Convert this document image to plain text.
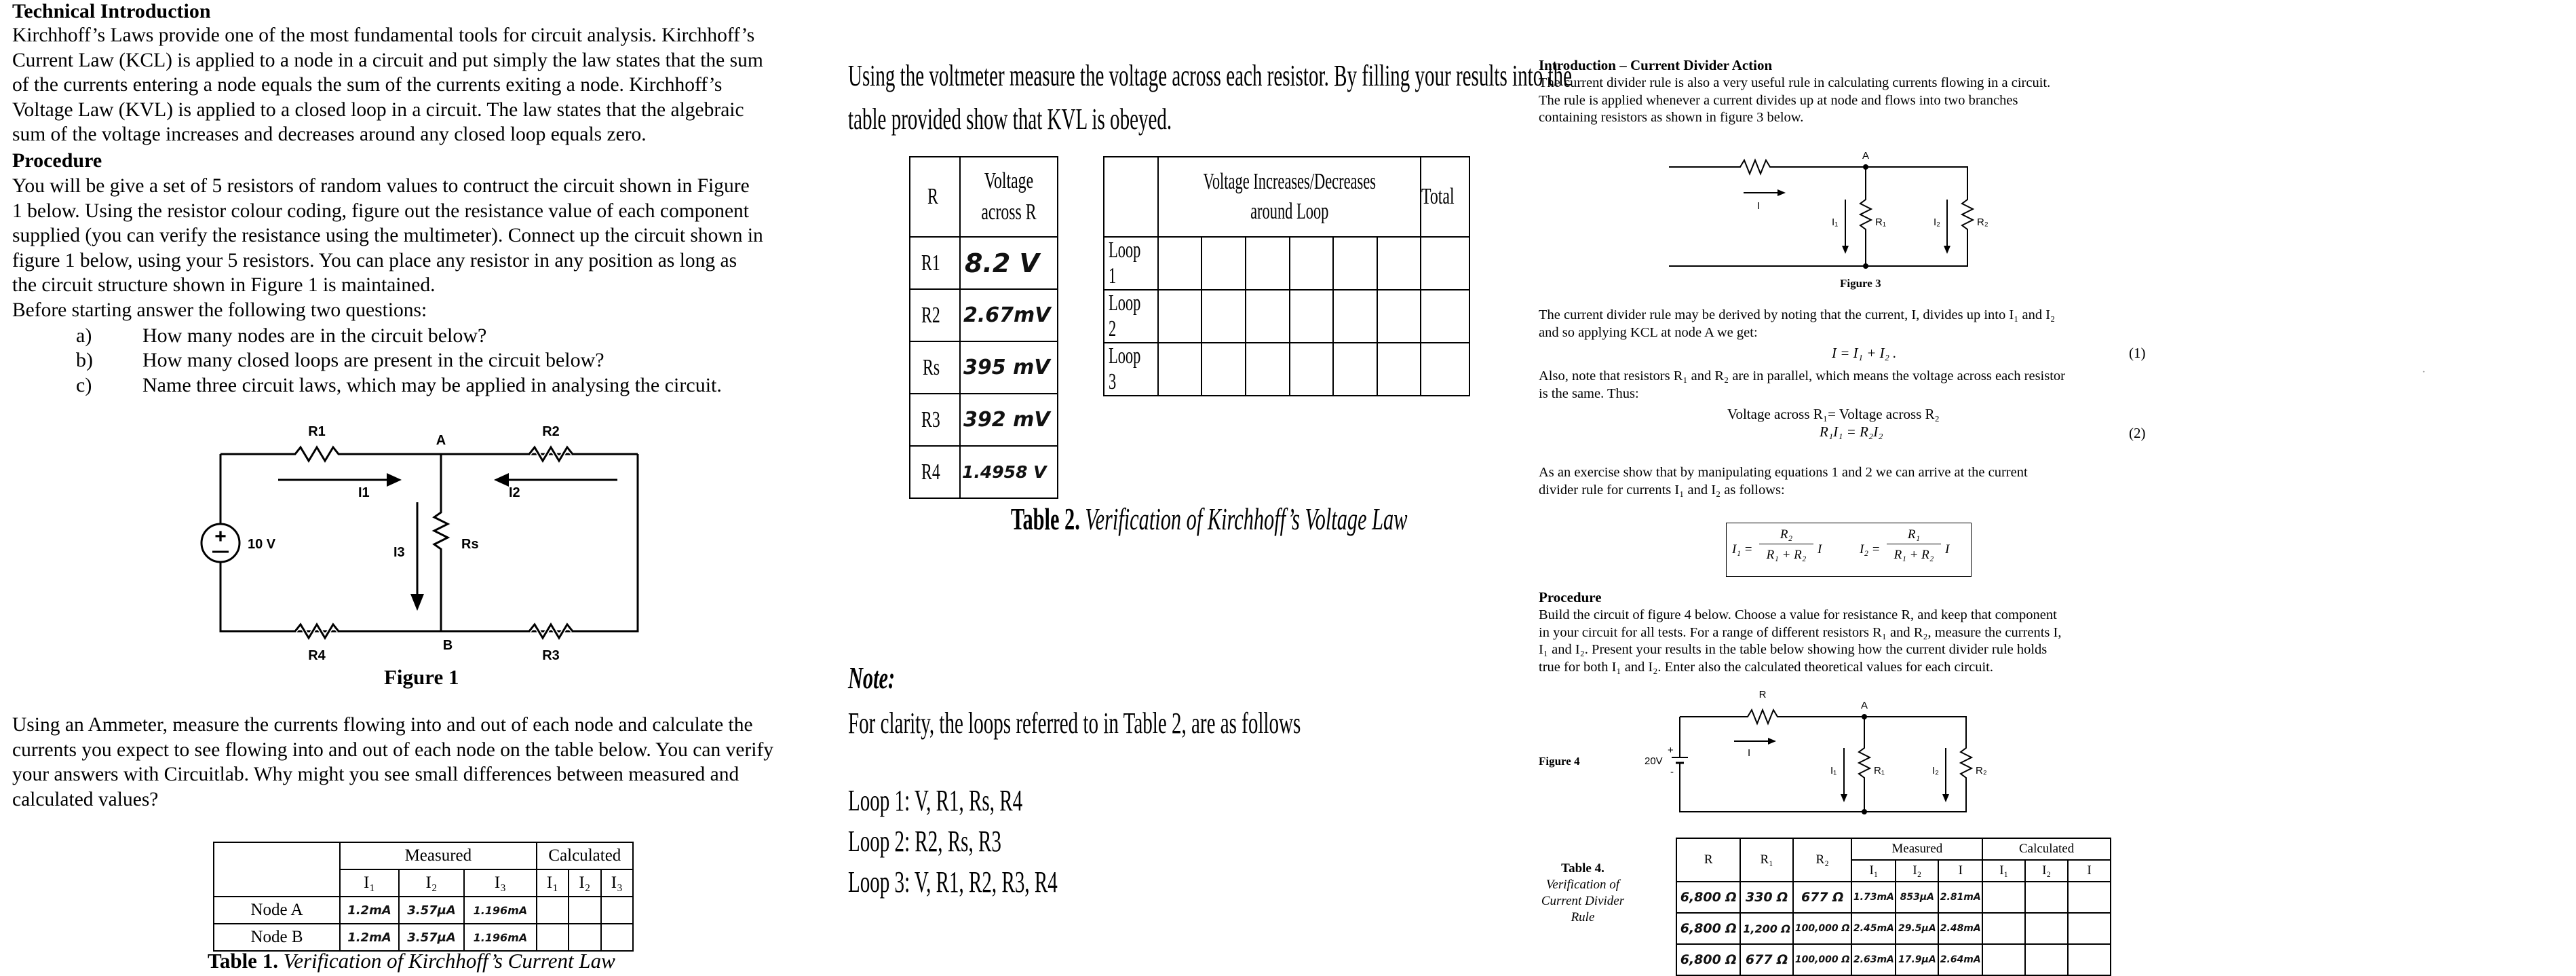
Technical Introduction
Kirchhoff’s Laws provide one of the most fundamental tools for circuit analysis. Kirchhoff’s
Current Law (KCL) is applied to a node in a circuit and put simply the law states that the sum
of the currents entering a node equals the sum of the currents exiting a node. Kirchhoff’s
Voltage Law (KVL) is applied to a closed loop in a circuit. The law states that the algebraic
sum of the voltage increases and decreases around any closed loop equals zero.
Procedure
You will be give a set of 5 resistors of random values to contruct the circuit shown in Figure
1 below. Using the resistor colour coding, figure out the resistance value of each component
supplied (you can verify the resistance using the multimeter). Connect up the circuit shown in
figure 1 below, using your 5 resistors. You can place any resistor in any position as long as
the circuit structure shown in Figure 1 is maintained.
Before starting answer the following two questions:
a) How many nodes are in the circuit below?
b) How many closed loops are present in the circuit below?
c) Name three circuit laws, which may be applied in analysing the circuit.
+ 10 V
R1	R2
R4	R3
A
B
I1	I2
I3
Rs
Figure 1
Using an Ammeter, measure the currents flowing into and out of each node and calculate the
currents you expect to see flowing into and out of each node on the table below. You can verify
your answers with Circuitlab. Why might you see small differences between measured and
calculated values?
	Measured			Calculated		
	I₁	I₂	I₃	I₁	I₂	I₃
Node A	1.2mA	3.57μA	1.196mA			
Node B	1.2mA	3.57μA	1.196mA			
Table 1. Verification of Kirchhoff’s Current Law
Using the voltmeter measure the voltage across each resistor. By filling your results into the
table provided show that KVL is obeyed.
R	Voltage
across R

R1	8.2 V
R2	2.67mV
Rs	395 mV
R3	392 mV
R4	1.4958 V

	Voltage Increases/Decreases
around Loop						Total
Loop 1							
Loop 2							
Loop 3							
Table 2. Verification of Kirchhoff’s Voltage Law
Note:
For clarity, the loops referred to in Table 2, are as follows
Loop 1: V, R1, Rs, R4
Loop 2: R2, Rs, R3
Loop 3: V, R1, R2, R3, R4
Introduction – Current Divider Action
The current divider rule is also a very useful rule in calculating currents flowing in a circuit.
The rule is applied whenever a current divides up at node and flows into two branches
containing resistors as shown in figure 3 below.
A
I
I₁	R₁	I₂	R₂
Figure 3
The current divider rule may be derived by noting that the current, I, divides up into I₁ and I₂
and so applying KCL at node A we get:
I = I₁ + I₂ .	(1)
Also, note that resistors R₁ and R₂ are in parallel, which means the voltage across each resistor
is the same. Thus:
Voltage across R₁= Voltage across R₂
R₁I₁ = R₂I₂	(2)
As an exercise show that by manipulating equations 1 and 2 we can arrive at the current
divider rule for currents I₁ and I₂ as follows:
I₁ =
R₂
R₁ + R₂ I	I₂ =
R₁
R₁ + R₂ I
Procedure
Build the circuit of figure 4 below. Choose a value for resistance R, and keep that component
in your circuit for all tests. For a range of different resistors R₁ and R₂, measure the currents I,
I₁ and I₂. Present your results in the table below showing how the current divider rule holds
true for both I₁ and I₂. Enter also the calculated theoretical values for each circuit.
Figure 4
R
A
+
20V
-
I
I₁	R₁	I₂	R₂
Table 4.
Verification of
Current Divider
Rule
R	R₁	R₂	Measured			Calculated		
			I₁	I₂	I	I₁	I₂	I
6,800 Ω	330 Ω	677 Ω	1.73mA	853μA	2.81mA			
6,800 Ω	1,200 Ω	100,000 Ω	2.45mA	29.5μA	2.48mA			
6,800 Ω	677 Ω	100,000 Ω	2.63mA	17.9μA	2.64mA			
·
